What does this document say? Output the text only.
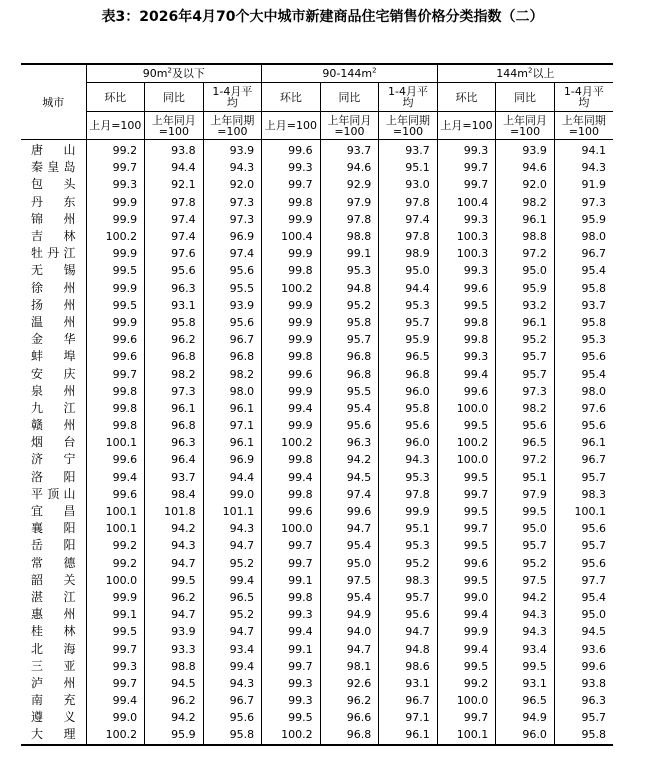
表3：2026年4月70个大中城市新建商品住宅销售价格分类指数（二）
城市	$90m^2$及以下			$90-144m^2$			$144m^2$以上		
	环比	同比	1-4月平均	环比	同比	1-4月平均	环比	同比	1-4月平均
	上月=100	上年同月=100	上年同期=100	上月=100	上年同月=100	上年同期=100	上月=100	上年同月=100	上年同期=100
唐　山	99.2	93.8	93.9	99.6	93.7	93.7	99.3	93.9	94.1
秦皇岛	99.7	94.4	94.3	99.3	94.6	95.1	99.7	94.6	94.3
包　头	99.3	92.1	92.0	99.7	92.9	93.0	99.7	92.0	91.9
丹　东	99.9	97.8	97.3	99.8	97.9	97.8	100.4	98.2	97.3
锦　州	99.9	97.4	97.3	99.9	97.8	97.4	99.3	96.1	95.9
吉　林	100.2	97.4	96.9	100.4	98.8	97.8	100.3	98.8	98.0
牡丹江	99.9	97.6	97.4	99.9	99.1	98.9	100.3	97.2	96.7
无　锡	99.5	95.6	95.6	99.8	95.3	95.0	99.3	95.0	95.4
徐　州	99.9	96.3	95.5	100.2	94.8	94.4	99.6	95.9	95.8
扬　州	99.5	93.1	93.9	99.9	95.2	95.3	99.5	93.2	93.7
温　州	99.9	95.8	95.6	99.9	95.8	95.7	99.8	96.1	95.8
金　华	99.6	96.2	96.7	99.9	95.7	95.9	99.8	95.2	95.3
蚌　埠	99.6	96.8	96.8	99.8	96.8	96.5	99.3	95.7	95.6
安　庆	99.7	98.2	98.2	99.6	96.8	96.8	99.4	95.7	95.4
泉　州	99.8	97.3	98.0	99.9	95.5	96.0	99.6	97.3	98.0
九　江	99.8	96.1	96.1	99.4	95.4	95.8	100.0	98.2	97.6
赣　州	99.8	96.8	97.1	99.9	95.6	95.6	99.5	95.6	95.6
烟　台	100.1	96.3	96.1	100.2	96.3	96.0	100.2	96.5	96.1
济　宁	99.6	96.4	96.9	99.8	94.2	94.3	100.0	97.2	96.7
洛　阳	99.4	93.7	94.4	99.4	94.5	95.3	99.5	95.1	95.7
平顶山	99.6	98.4	99.0	99.8	97.4	97.8	99.7	97.9	98.3
宜　昌	100.1	101.8	101.1	99.6	99.6	99.9	99.5	99.5	100.1
襄　阳	100.1	94.2	94.3	100.0	94.7	95.1	99.7	95.0	95.6
岳　阳	99.2	94.3	94.7	99.7	95.4	95.3	99.5	95.7	95.7
常　德	99.2	94.7	95.2	99.7	95.0	95.2	99.6	95.2	95.6
韶　关	100.0	99.5	99.4	99.1	97.5	98.3	99.5	97.5	97.7
湛　江	99.9	96.2	96.5	99.8	95.4	95.7	99.0	94.2	95.4
惠　州	99.1	94.7	95.2	99.3	94.9	95.6	99.4	94.3	95.0
桂　林	99.5	93.9	94.7	99.4	94.0	94.7	99.9	94.3	94.5
北　海	99.7	93.3	93.4	99.1	94.7	94.8	99.4	93.4	93.6
三　亚	99.3	98.8	99.4	99.7	98.1	98.6	99.5	99.5	99.6
泸　州	99.7	94.5	94.3	99.3	92.6	93.1	99.2	93.1	93.8
南　充	99.4	96.2	96.7	99.3	96.2	96.7	100.0	96.5	96.3
遵　义	99.0	94.2	95.6	99.5	96.6	97.1	99.7	94.9	95.7
大　理	100.2	95.9	95.8	100.2	96.8	96.1	100.1	96.0	95.8
